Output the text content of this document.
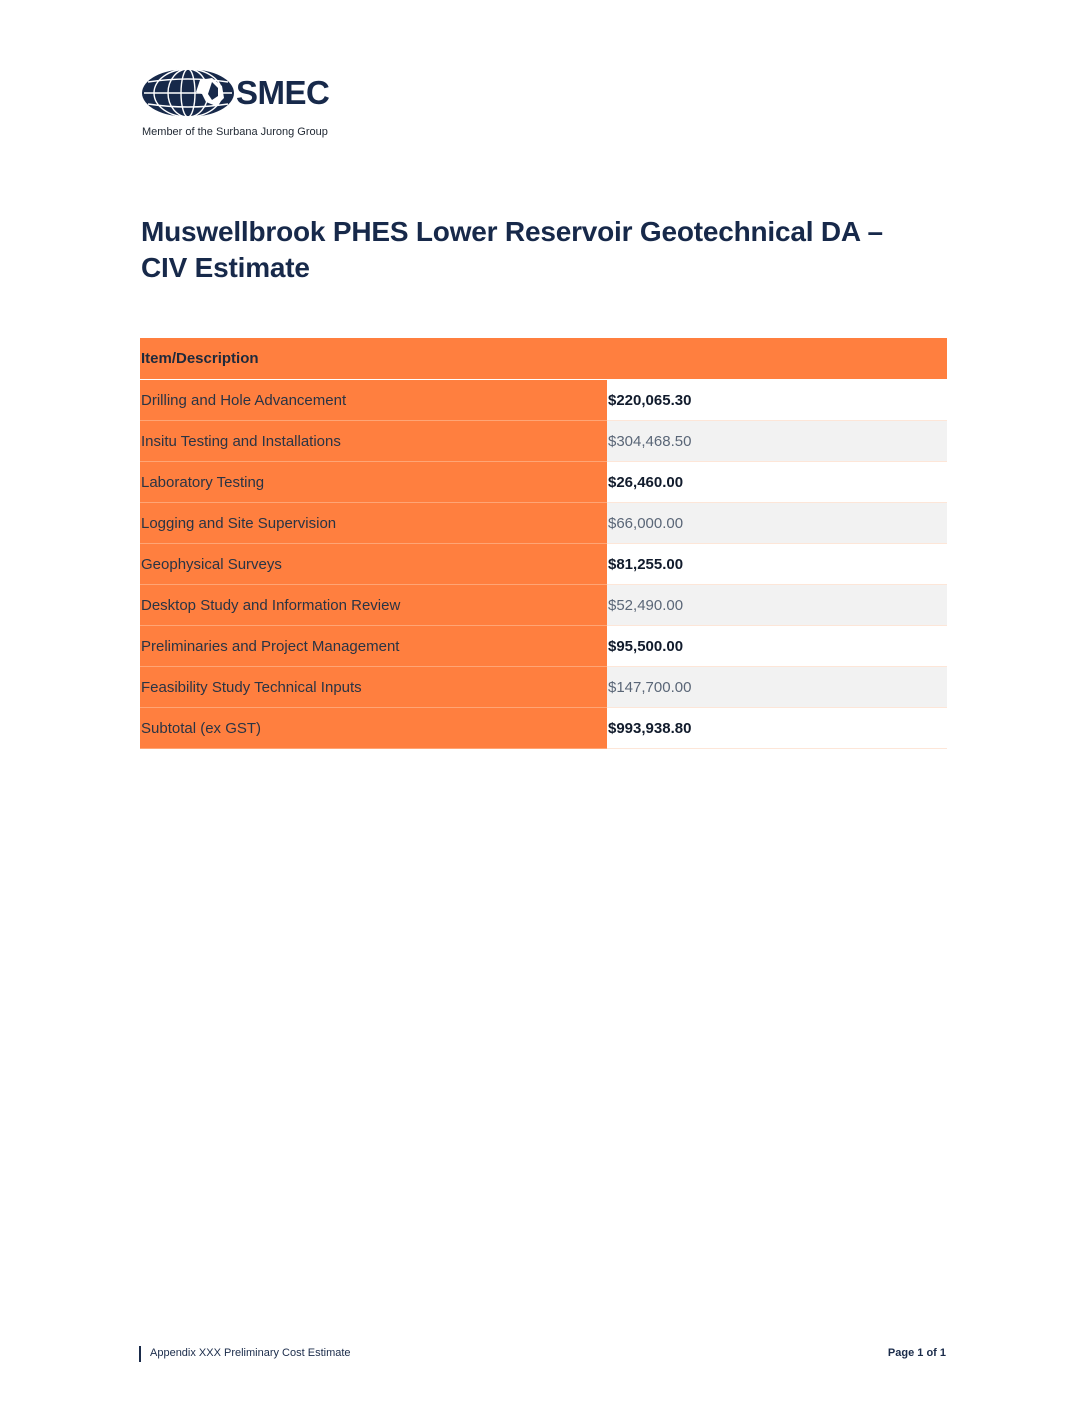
SMEC
Member of the Surbana Jurong Group
Muswellbrook PHES Lower Reservoir Geotechnical DA –
CIV Estimate
Item/Description	
Drilling and Hole Advancement	$220,065.30
Insitu Testing and Installations	$304,468.50
Laboratory Testing	$26,460.00
Logging and Site Supervision	$66,000.00
Geophysical Surveys	$81,255.00
Desktop Study and Information Review	$52,490.00
Preliminaries and Project Management	$95,500.00
Feasibility Study Technical Inputs	$147,700.00
Subtotal (ex GST)	$993,938.80
Appendix XXX Preliminary Cost Estimate	Page 1 of 1
